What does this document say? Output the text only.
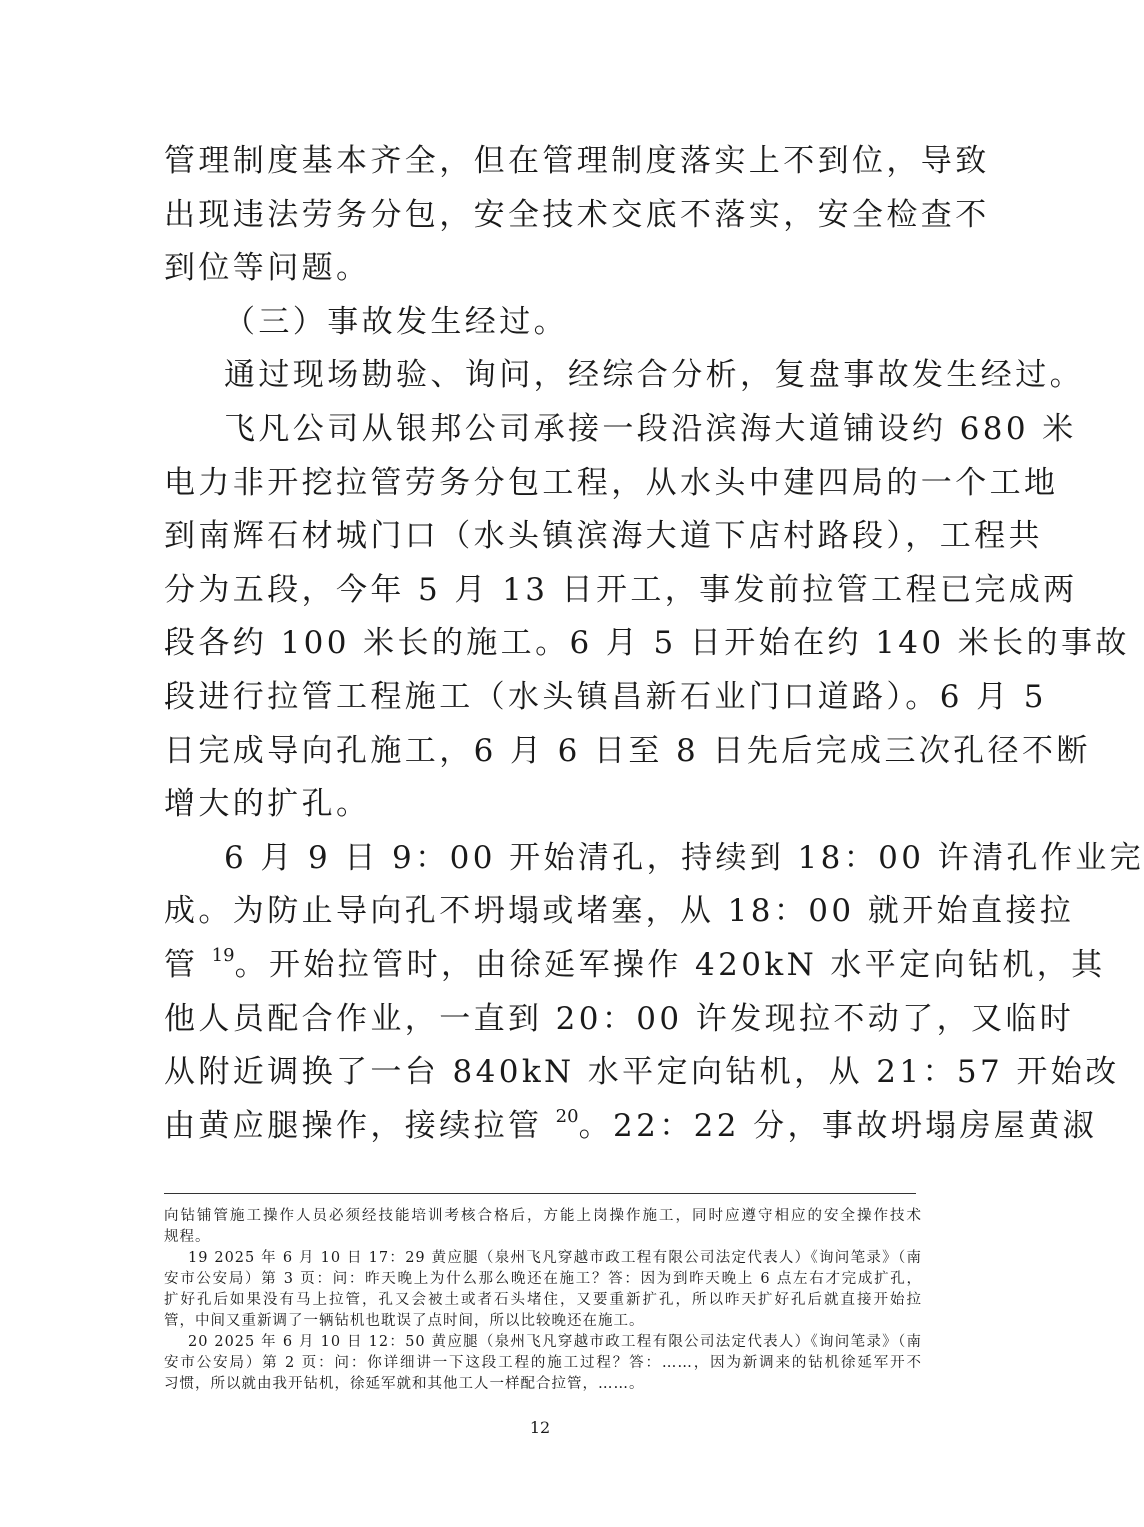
管理制度基本齐全，但在管理制度落实上不到位，导致
出现违法劳务分包，安全技术交底不落实，安全检查不
到位等问题。
（三）事故发生经过。
通过现场勘验、询问，经综合分析，复盘事故发生经过。
飞凡公司从银邦公司承接一段沿滨海大道铺设约 680 米
电力非开挖拉管劳务分包工程，从水头中建四局的一个工地
到南辉石材城门口（水头镇滨海大道下店村路段），工程共
分为五段，今年 5 月 13 日开工，事发前拉管工程已完成两
段各约 100 米长的施工。6 月 5 日开始在约 140 米长的事故
段进行拉管工程施工（水头镇昌新石业门口道路）。6 月 5
日完成导向孔施工，6 月 6 日至 8 日先后完成三次孔径不断
增大的扩孔。
6 月 9 日 9：00 开始清孔，持续到 18：00 许清孔作业完
成。为防止导向孔不坍塌或堵塞，从 18：00 就开始直接拉
管 $^{19}$。开始拉管时，由徐延军操作 420kN 水平定向钻机，其
他人员配合作业，一直到 20：00 许发现拉不动了，又临时
从附近调换了一台 840kN 水平定向钻机，从 21：57 开始改
由黄应腿操作，接续拉管 $^{20}$。22：22 分，事故坍塌房屋黄淑
向钻铺管施工操作人员必须经技能培训考核合格后，方能上岗操作施工，同时应遵守相应的安全操作技术
规程。
19 2025 年 6 月 10 日 17：29 黄应腿（泉州飞凡穿越市政工程有限公司法定代表人）《询问笔录》（南
安市公安局）第 3 页：问：昨天晚上为什么那么晚还在施工？答：因为到昨天晚上 6 点左右才完成扩孔，
扩好孔后如果没有马上拉管，孔又会被土或者石头堵住，又要重新扩孔，所以昨天扩好孔后就直接开始拉
管，中间又重新调了一辆钻机也耽误了点时间，所以比较晚还在施工。
20 2025 年 6 月 10 日 12：50 黄应腿（泉州飞凡穿越市政工程有限公司法定代表人）《询问笔录》（南
安市公安局）第 2 页：问：你详细讲一下这段工程的施工过程？答：……，因为新调来的钻机徐延军开不
习惯，所以就由我开钻机，徐延军就和其他工人一样配合拉管，……。
12
